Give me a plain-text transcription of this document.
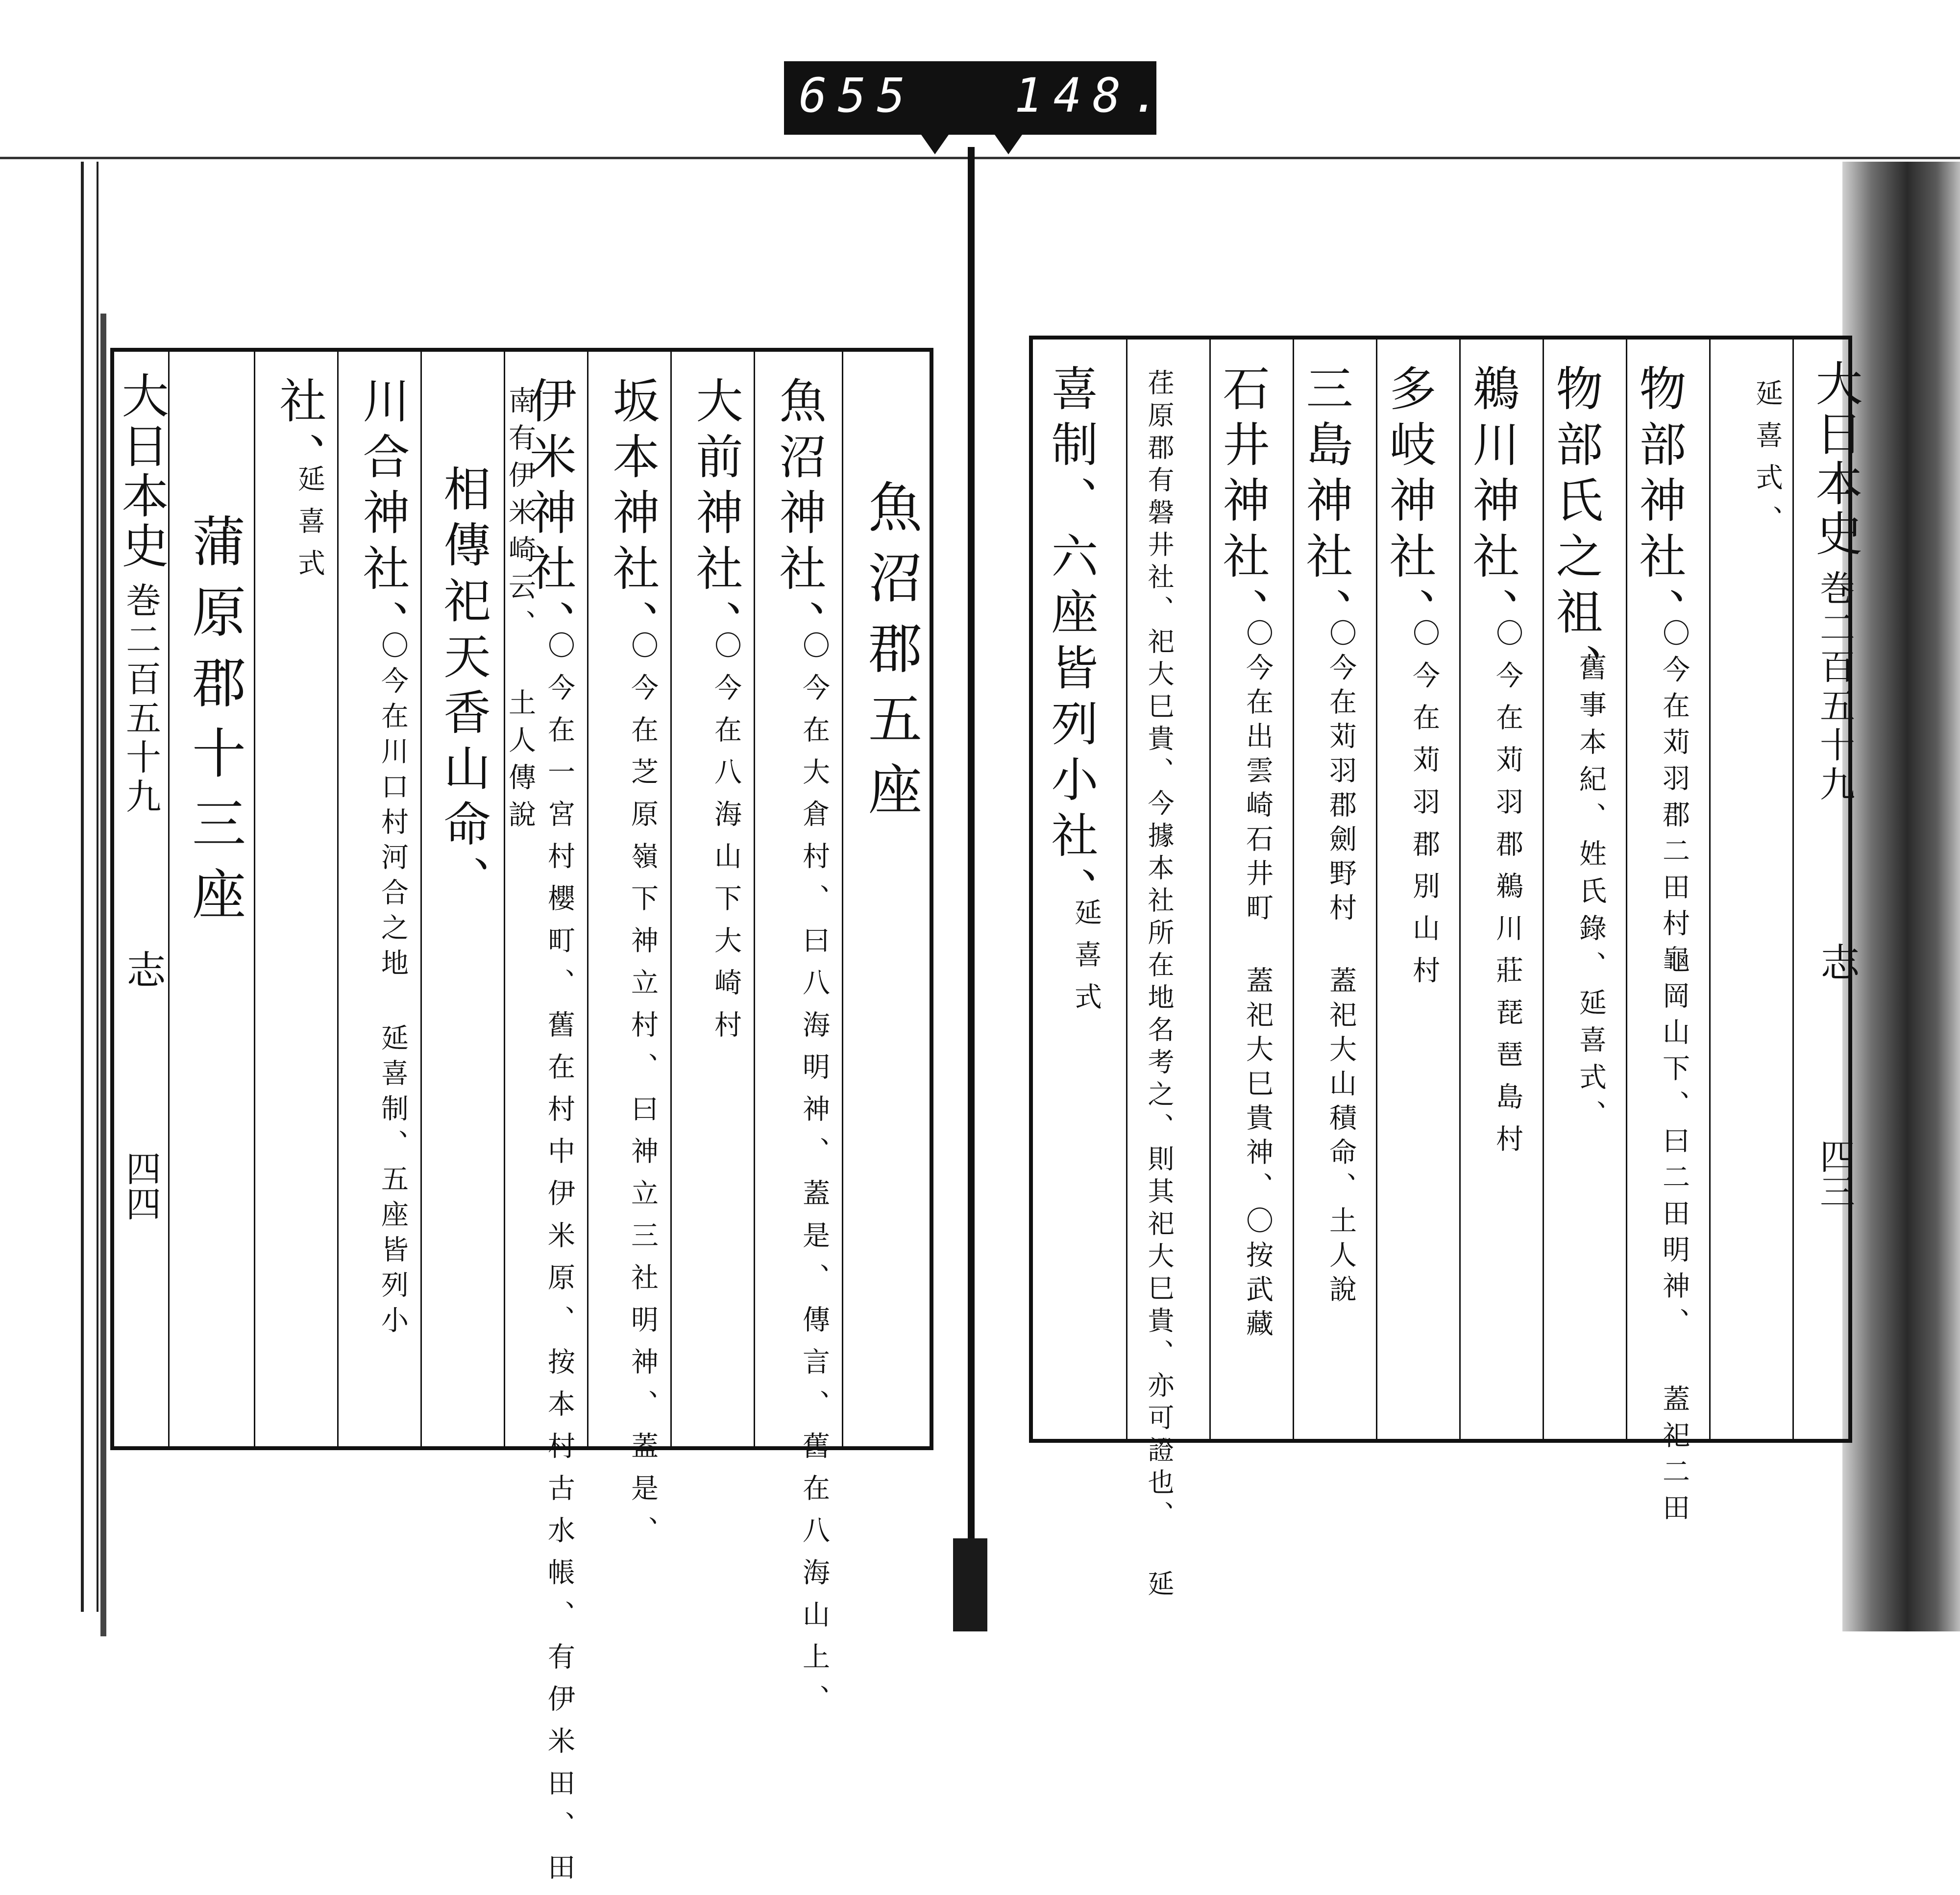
655 148.
大日本史
巻二百五十九
志
四四
魚沼郡五座
魚沼神社、
〇今在大倉村、曰八海明神、蓋是、傳言、舊在八海山上、
大前神社、
〇今在八海山下大崎村
坂本神社、
〇今在芝原嶺下神立村、曰神立三社明神、蓋是、
伊米神社、
〇今在一宮村櫻町、舊在村中伊米原、按本村古水帳、有伊米田、田
相傳祀天香山命、 南有伊米崎云、 土人傳說
川合神社、
〇今在川口村河合之地 延喜制、五座皆列小
社、
延喜式
蒲原郡十三座
大日本史
巻二百五十九
志
四三
延喜式、
物部神社、
〇今在苅羽郡二田村龜岡山下、曰二田明神、 蓋祀二田
物部氏之祖、
舊事本紀、姓氏錄、延喜式、
鵜川神社、
〇今在苅羽郡鵜川莊琵琶島村
多岐神社、
〇今在苅羽郡別山村
三島神社、
〇今在苅羽郡劍野村 蓋祀大山積命、土人說
石井神社、
〇今在出雲崎石井町 蓋祀大巳貴神、〇按武藏
荏原郡有磐井社、祀大巳貴、今據本社所在地名考之、則其祀大巳貴、亦可證也、 延
喜制、六座皆列小社、
延喜式
